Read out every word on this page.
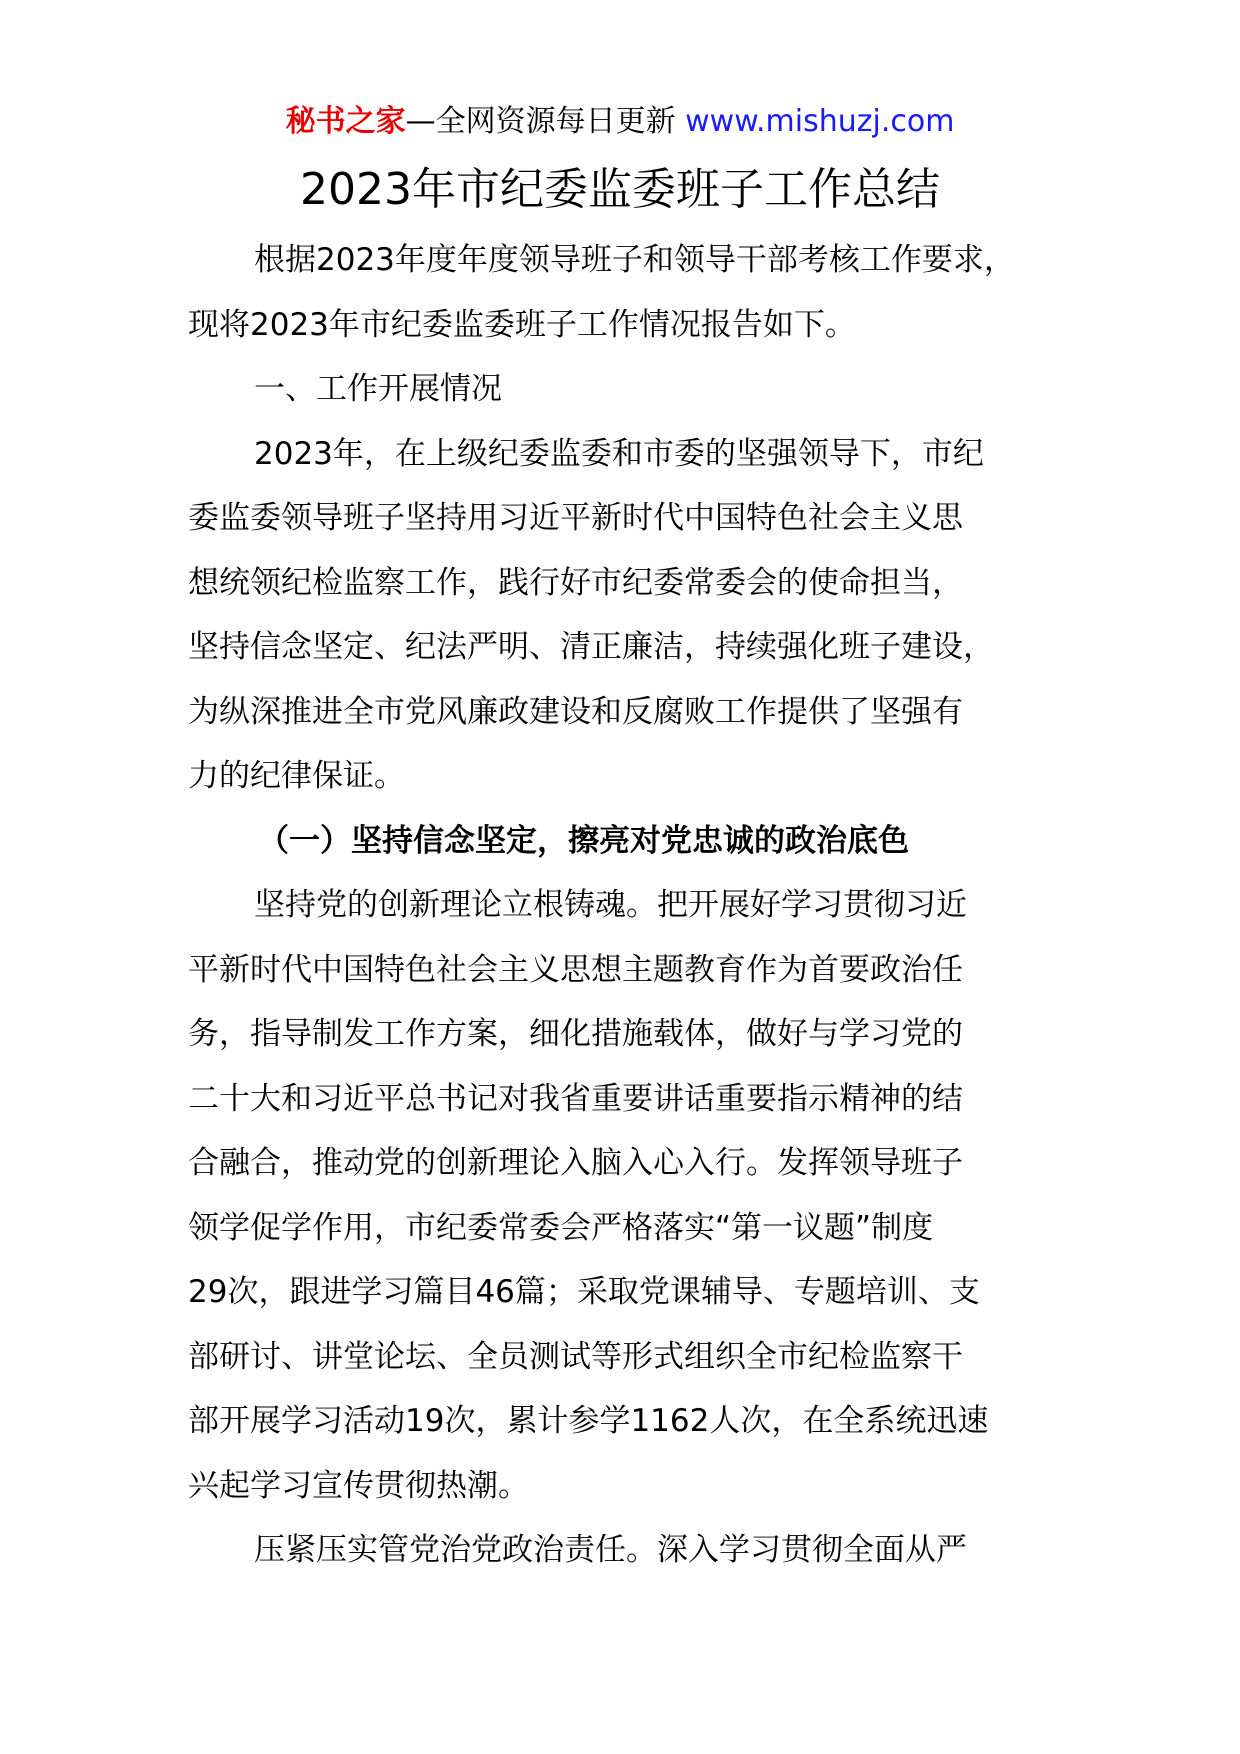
秘书之家—全网资源每日更新 www.mishuzj.com
2023年市纪委监委班子工作总结

根据2023年度年度领导班子和领导干部考核工作要求，
现将2023年市纪委监委班子工作情况报告如下。

一、工作开展情况

2023年，在上级纪委监委和市委的坚强领导下，市纪
委监委领导班子坚持用习近平新时代中国特色社会主义思
想统领纪检监察工作，践行好市纪委常委会的使命担当，
坚持信念坚定、纪法严明、清正廉洁，持续强化班子建设，
为纵深推进全市党风廉政建设和反腐败工作提供了坚强有
力的纪律保证。

（一）坚持信念坚定，擦亮对党忠诚的政治底色

坚持党的创新理论立根铸魂。把开展好学习贯彻习近
平新时代中国特色社会主义思想主题教育作为首要政治任
务，指导制发工作方案，细化措施载体，做好与学习党的
二十大和习近平总书记对我省重要讲话重要指示精神的结
合融合，推动党的创新理论入脑入心入行。发挥领导班子
领学促学作用，市纪委常委会严格落实“第一议题”制度
29次，跟进学习篇目46篇；采取党课辅导、专题培训、支
部研讨、讲堂论坛、全员测试等形式组织全市纪检监察干
部开展学习活动19次，累计参学1162人次，在全系统迅速
兴起学习宣传贯彻热潮。

压紧压实管党治党政治责任。深入学习贯彻全面从严
